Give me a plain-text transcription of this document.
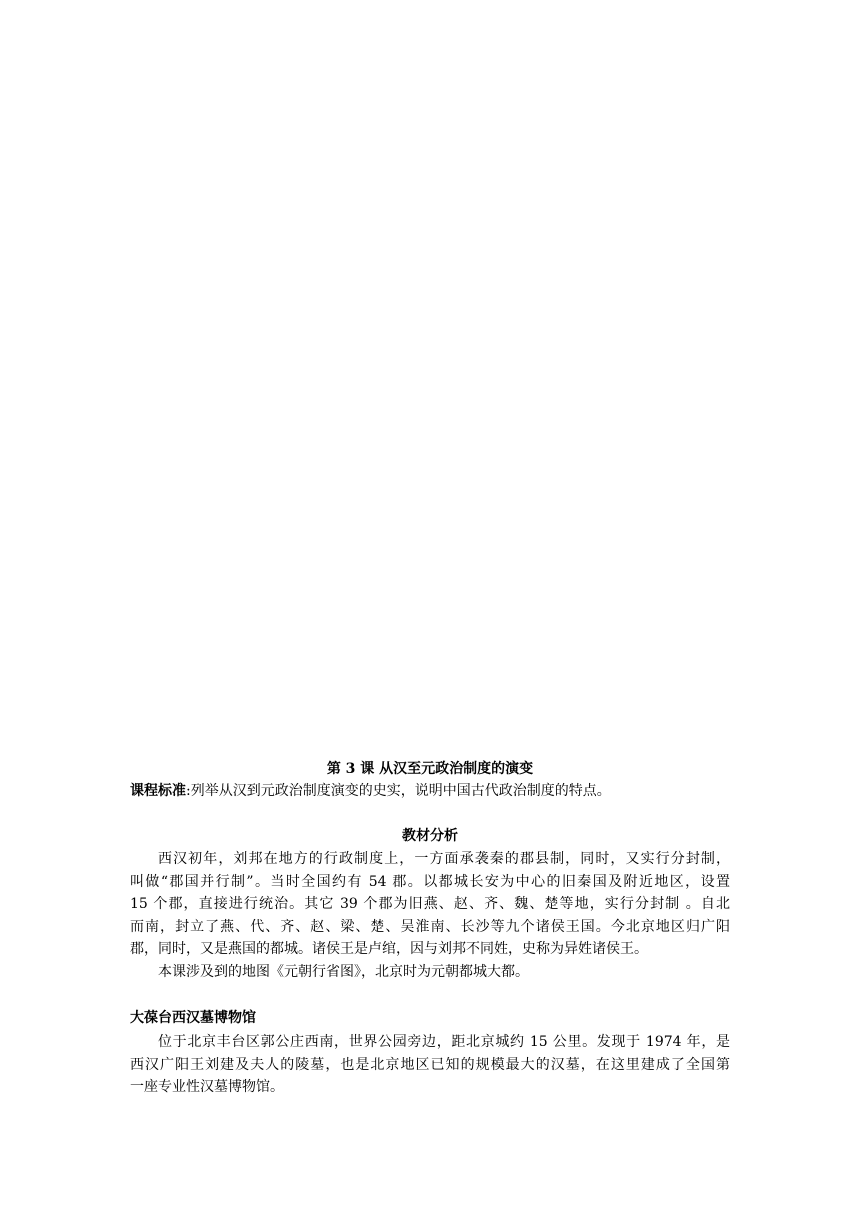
第 3 课 从汉至元政治制度的演变
课程标准:列举从汉到元政治制度演变的史实，说明中国古代政治制度的特点。
教材分析
西汉初年，刘邦在地方的行政制度上，一方面承袭秦的郡县制，同时，又实行分封制，
叫做“郡国并行制”。当时全国约有 54 郡。以都城长安为中心的旧秦国及附近地区，设置
15 个郡，直接进行统治。其它 39 个郡为旧燕、赵、齐、魏、楚等地，实行分封制 。自北
而南，封立了燕、代、齐、赵、梁、楚、吴淮南、长沙等九个诸侯王国。今北京地区归广阳
郡，同时，又是燕国的都城。诸侯王是卢绾，因与刘邦不同姓，史称为异姓诸侯王。
本课涉及到的地图《元朝行省图》，北京时为元朝都城大都。
大葆台西汉墓博物馆
位于北京丰台区郭公庄西南，世界公园旁边，距北京城约 15 公里。发现于 1974 年，是
西汉广阳王刘建及夫人的陵墓，也是北京地区已知的规模最大的汉墓，在这里建成了全国第
一座专业性汉墓博物馆。
